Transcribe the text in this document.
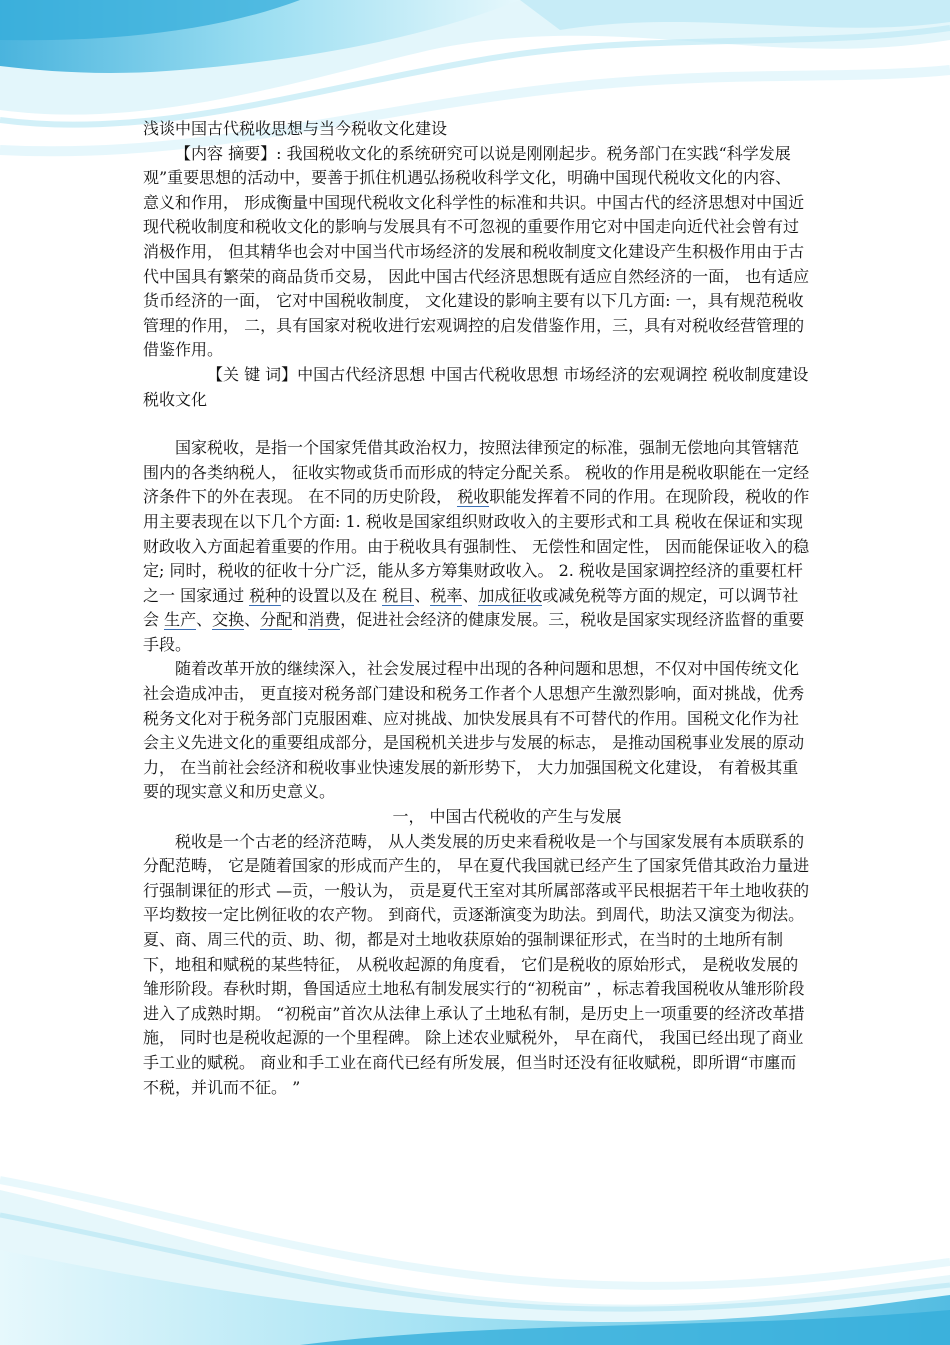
浅谈中国古代税收思想与当今税收文化建设

【内容 摘要】: 我国税收文化的系统研究可以说是刚刚起步。税务部门在实践“科学发展观”重要思想的活动中，要善于抓住机遇弘扬税收科学文化，明确中国现代税收文化的内容、 意义和作用， 形成衡量中国现代税收文化科学性的标准和共识。中国古代的经济思想对中国近现代税收制度和税收文化的影响与发展具有不可忽视的重要作用它对中国走向近代社会曾有过消极作用， 但其精华也会对中国当代市场经济的发展和税收制度文化建设产生积极作用由于古代中国具有繁荣的商品货币交易， 因此中国古代经济思想既有适应自然经济的一面， 也有适应货币经济的一面， 它对中国税收制度， 文化建设的影响主要有以下几方面: 一，具有规范税收管理的作用， 二，具有国家对税收进行宏观调控的启发借鉴作用，三，具有对税收经营管理的借鉴作用。

【关 键 词】中国古代经济思想 中国古代税收思想 市场经济的宏观调控 税收制度建设 税收文化

国家税收，是指一个国家凭借其政治权力，按照法律预定的标准，强制无偿地向其管辖范围内的各类纳税人， 征收实物或货币而形成的特定分配关系。 税收的作用是税收职能在一定经济条件下的外在表现。 在不同的历史阶段， 税收职能发挥着不同的作用。在现阶段，税收的作用主要表现在以下几个方面: 1. 税收是国家组织财政收入的主要形式和工具 税收在保证和实现财政收入方面起着重要的作用。由于税收具有强制性、 无偿性和固定性， 因而能保证收入的稳定; 同时，税收的征收十分广泛，能从多方筹集财政收入。 2. 税收是国家调控经济的重要杠杆之一 国家通过 税种的设置以及在 税目、税率、加成征收或减免税等方面的规定，可以调节社会 生产、交换、分配和消费，促进社会经济的健康发展。三，税收是国家实现经济监督的重要手段。

随着改革开放的继续深入，社会发展过程中出现的各种问题和思想，不仅对中国传统文化社会造成冲击， 更直接对税务部门建设和税务工作者个人思想产生激烈影响，面对挑战，优秀税务文化对于税务部门克服困难、应对挑战、加快发展具有不可替代的作用。国税文化作为社会主义先进文化的重要组成部分，是国税机关进步与发展的标志， 是推动国税事业发展的原动力， 在当前社会经济和税收事业快速发展的新形势下， 大力加强国税文化建设， 有着极其重要的现实意义和历史意义。

一， 中国古代税收的产生与发展

税收是一个古老的经济范畴， 从人类发展的历史来看税收是一个与国家发展有本质联系的分配范畴， 它是随着国家的形成而产生的， 早在夏代我国就已经产生了国家凭借其政治力量进行强制课征的形式 —贡，一般认为， 贡是夏代王室对其所属部落或平民根据若干年土地收获的平均数按一定比例征收的农产物。 到商代，贡逐渐演变为助法。到周代，助法又演变为彻法。夏、商、周三代的贡、助、彻，都是对土地收获原始的强制课征形式，在当时的土地所有制下，地租和赋税的某些特征， 从税收起源的角度看， 它们是税收的原始形式， 是税收发展的雏形阶段。春秋时期，鲁国适应土地私有制发展实行的“初税亩” ，标志着我国税收从雏形阶段进入了成熟时期。 “初税亩”首次从法律上承认了土地私有制，是历史上一项重要的经济改革措施， 同时也是税收起源的一个里程碑。 除上述农业赋税外， 早在商代， 我国已经出现了商业手工业的赋税。 商业和手工业在商代已经有所发展，但当时还没有征收赋税，即所谓“市廛而不税，并讥而不征。 ”
